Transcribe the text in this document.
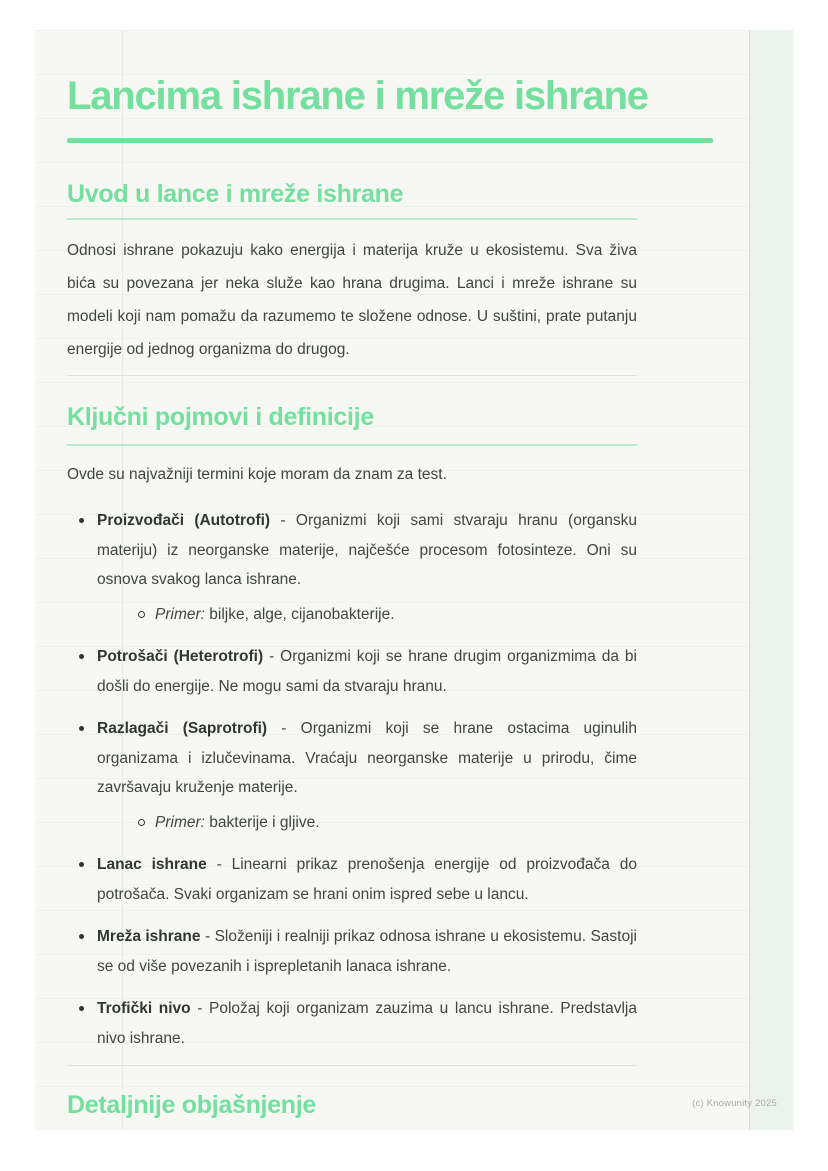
Lancima ishrane i mreže ishrane
Uvod u lance i mreže ishrane

Odnosi ishrane pokazuju kako energija i materija kruže u ekosistemu. Sva živa bića su povezana jer neka služe kao hrana drugima. Lanci i mreže ishrane su modeli koji nam pomažu da razumemo te složene odnose. U suštini, prate putanju energije od jednog organizma do drugog.

Ključni pojmovi i definicije

Ovde su najvažniji termini koje moram da znam za test.

Proizvođači (Autotrofi) - Organizmi koji sami stvaraju hranu (organsku materiju) iz neorganske materije, najčešće procesom fotosinteze. Oni su osnova svakog lanca ishrane.
Primer: biljke, alge, cijanobakterije.
Potrošači (Heterotrofi) - Organizmi koji se hrane drugim organizmima da bi došli do energije. Ne mogu sami da stvaraju hranu.
Razlagači (Saprotrofi) - Organizmi koji se hrane ostacima uginulih organizama i izlučevinama. Vraćaju neorganske materije u prirodu, čime završavaju kruženje materije.
Primer: bakterije i gljive.
Lanac ishrane - Linearni prikaz prenošenja energije od proizvođača do potrošača. Svaki organizam se hrani onim ispred sebe u lancu.
Mreža ishrane - Složeniji i realniji prikaz odnosa ishrane u ekosistemu. Sastoji se od više povezanih i isprepletanih lanaca ishrane.
Trofički nivo - Položaj koji organizam zauzima u lancu ishrane. Predstavlja nivo ishrane.
Detaljnije objašnjenje	(c) Knowunity 2025
